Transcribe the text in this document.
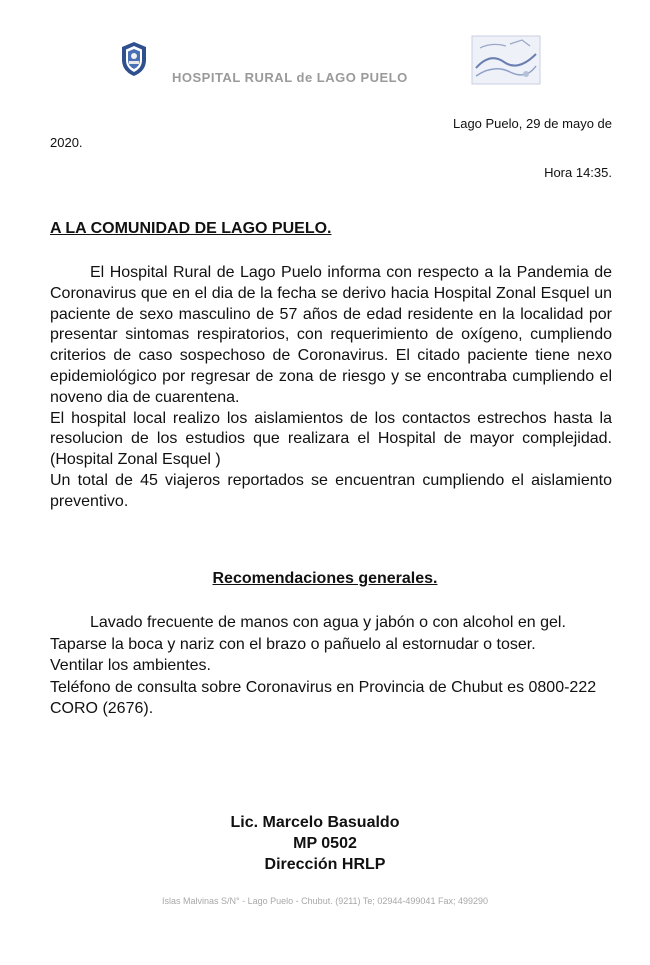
HOSPITAL RURAL de LAGO PUELO
Lago Puelo, 29 de mayo de
2020.
Hora 14:35.
A LA COMUNIDAD DE LAGO PUELO.

El Hospital Rural de Lago Puelo informa con respecto a la Pandemia de Coronavirus que en el dia de la fecha se derivo hacia Hospital Zonal Esquel un paciente de sexo masculino de 57 años de edad residente en la localidad por presentar sintomas respiratorios, con requerimiento de oxígeno, cumpliendo criterios de caso sospechoso de Coronavirus. El citado paciente tiene nexo epidemiológico por regresar de zona de riesgo y se encontraba cumpliendo el noveno dia de cuarentena.

El hospital local realizo los aislamientos de los contactos estrechos hasta la resolucion de los estudios que realizara el Hospital de mayor complejidad. (Hospital Zonal Esquel )

Un total de 45 viajeros reportados se encuentran cumpliendo el aislamiento preventivo.

Recomendaciones generales.

Lavado frecuente de manos con agua y jabón o con alcohol en gel.

Taparse la boca y nariz con el brazo o pañuelo al estornudar o toser.

Ventilar los ambientes.

Teléfono de consulta sobre Coronavirus en Provincia de Chubut es 0800-222 CORO (2676).

Lic. Marcelo Basualdo
MP 0502
Dirección HRLP
Islas Malvinas S/N° - Lago Puelo - Chubut. (9211) Te; 02944-499041 Fax; 499290
